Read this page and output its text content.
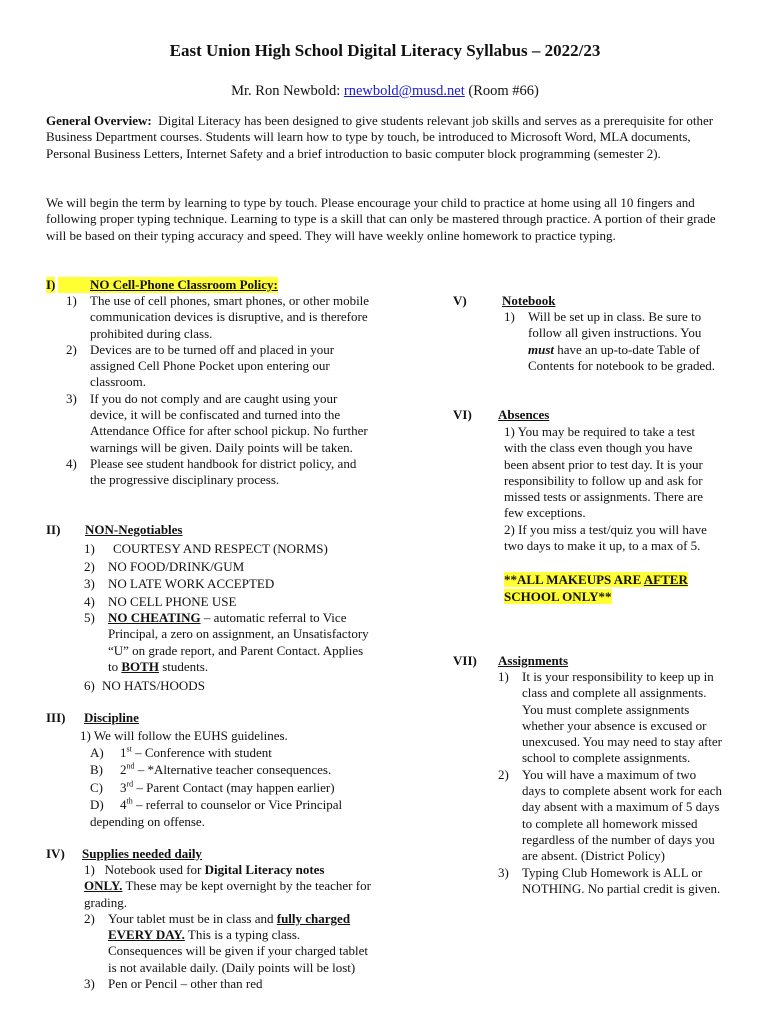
East Union High School Digital Literacy Syllabus – 2022/23
Mr. Ron Newbold: rnewbold@musd.net (Room #66)
General Overview: Digital Literacy has been designed to give students relevant job skills and serves as a prerequisite for other Business Department courses. Students will learn how to type by touch, be introduced to Microsoft Word, MLA documents, Personal Business Letters, Internet Safety and a brief introduction to basic computer block programming (semester 2).
We will begin the term by learning to type by touch. Please encourage your child to practice at home using all 10 fingers and following proper typing technique. Learning to type is a skill that can only be mastered through practice. A portion of their grade will be based on their typing accuracy and speed. They will have weekly online homework to practice typing.
I)	NO Cell-Phone Classroom Policy:
1) The use of cell phones, smart phones, or other mobile communication devices is disruptive, and is therefore prohibited during class.
2) Devices are to be turned off and placed in your assigned Cell Phone Pocket upon entering our classroom.
3) If you do not comply and are caught using your device, it will be confiscated and turned into the Attendance Office for after school pickup. No further warnings will be given. Daily points will be taken.
4) Please see student handbook for district policy, and the progressive disciplinary process.
II) NON-Negotiables
1) COURTESY AND RESPECT (NORMS)
2) NO FOOD/DRINK/GUM
3) NO LATE WORK ACCEPTED
4) NO CELL PHONE USE
5) NO CHEATING – automatic referral to Vice Principal, a zero on assignment, an Unsatisfactory “U” on grade report, and Parent Contact. Applies to BOTH students.
6) NO HATS/HOODS
III) Discipline
1) We will follow the EUHS guidelines.
A) 1st – Conference with student
B) 2nd – *Alternative teacher consequences.
C) 3rd – Parent Contact (may happen earlier)
D) 4th – referral to counselor or Vice Principal
depending on offense.
IV) Supplies needed daily
1) Notebook used for Digital Literacy notes
ONLY. These may be kept overnight by the teacher for grading.
2) Your tablet must be in class and fully charged EVERY DAY. This is a typing class. Consequences will be given if your charged tablet is not available daily. (Daily points will be lost)
3) Pen or Pencil – other than red
V)	Notebook
1) Will be set up in class. Be sure to follow all given instructions. You must have an up-to-date Table of Contents for notebook to be graded.
VI) Absences
1) You may be required to take a test with the class even though you have been absent prior to test day. It is your responsibility to follow up and ask for missed tests or assignments. There are few exceptions.
2) If you miss a test/quiz you will have two days to make it up, to a max of 5.
**ALL MAKEUPS ARE AFTER
SCHOOL ONLY**
VII) Assignments
1) It is your responsibility to keep up in class and complete all assignments. You must complete assignments whether your absence is excused or unexcused. You may need to stay after school to complete assignments.
2) You will have a maximum of two days to complete absent work for each day absent with a maximum of 5 days to complete all homework missed regardless of the number of days you are absent. (District Policy)
3) Typing Club Homework is ALL or NOTHING. No partial credit is given.
